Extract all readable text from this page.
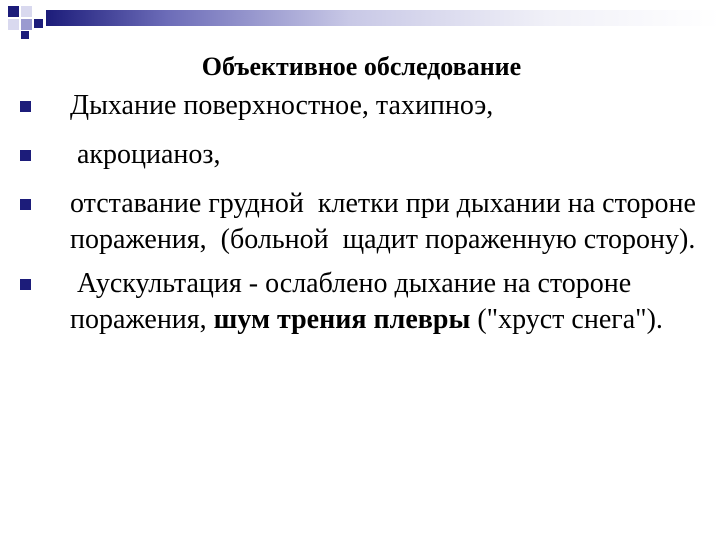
Объективное обследование
Дыхание поверхностное, тахипноэ,
акроцианоз,
отставание грудной  клетки при дыхании на стороне поражения,  (больной  щадит пораженную сторону).
Аускультация - ослаблено дыхание на стороне поражения, шум трения плевры ("хруст снега").
